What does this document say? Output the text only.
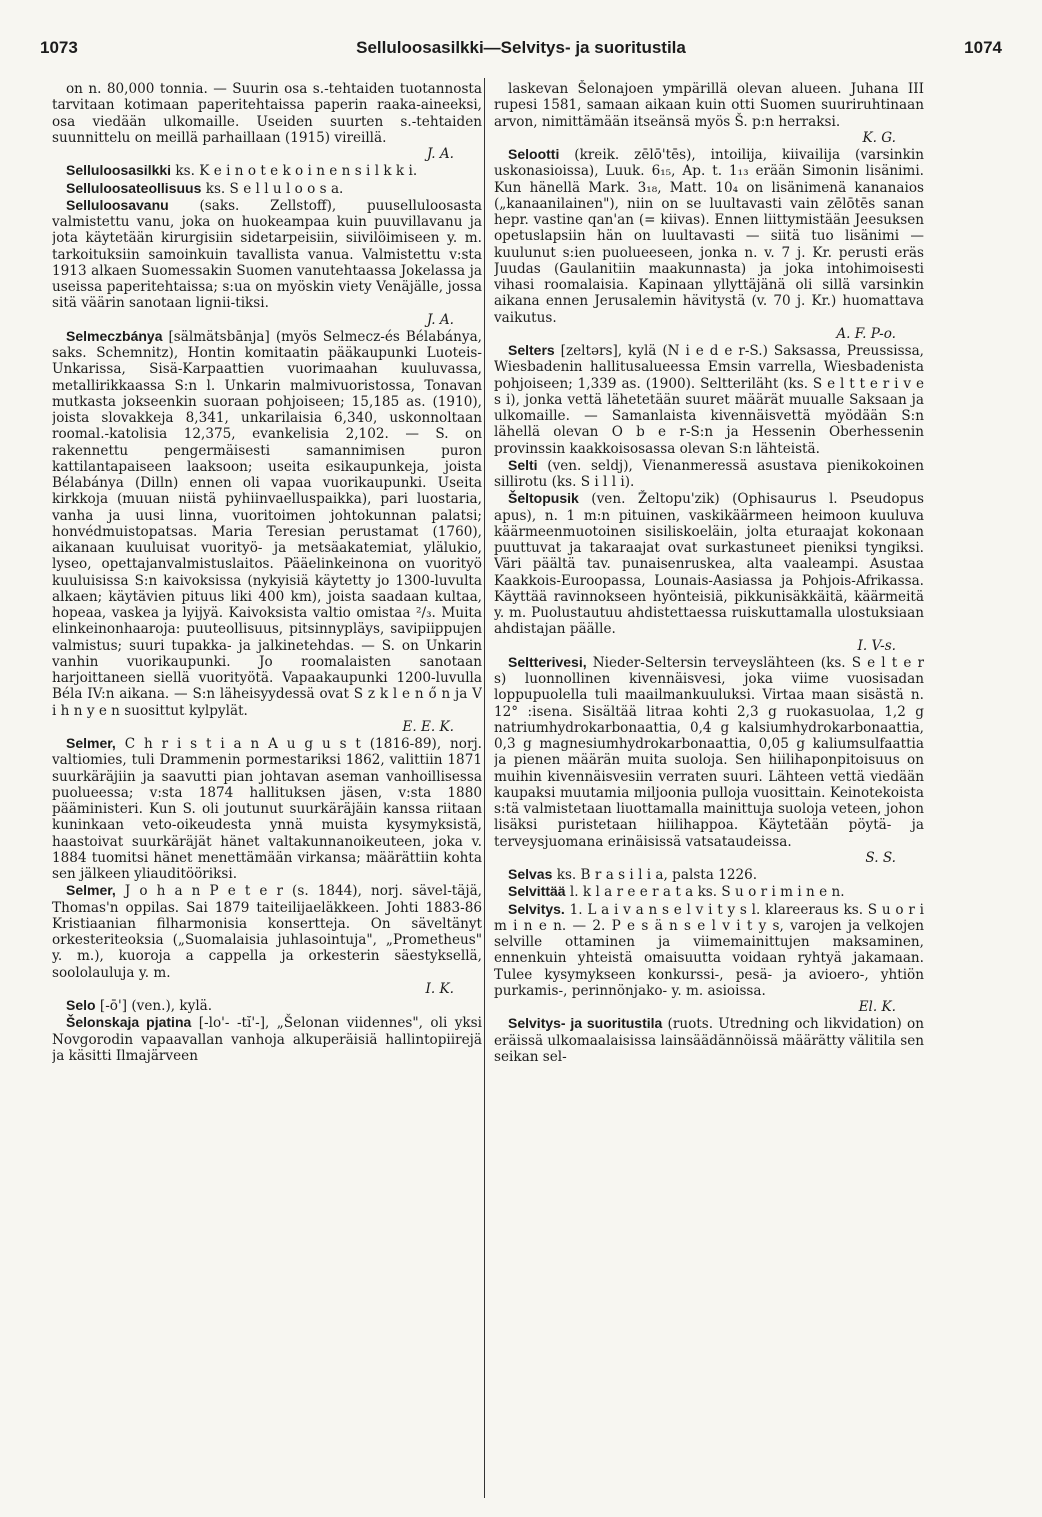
1073	Selluloosasilkki—Selvitys- ja suoritustila	1074

on n. 80,000 tonnia. — Suurin osa s.-tehtaiden tuotannosta tarvitaan kotimaan paperitehtaissa paperin raaka-aineeksi, osa viedään ulkomaille. Useiden suurten s.-tehtaiden suunnittelu on meillä parhaillaan (1915) vireillä.
J. A.

Selluloosasilkki ks. K e i n o t e k o i n e n s i l k k i.

Selluloosateollisuus ks. S e l l u l o o s a.

Selluloosavanu (saks. Zellstoff), puuselluloosasta valmistettu vanu, joka on huokeampaa kuin puuvillavanu ja jota käytetään kirurgisiin sidetarpeisiin, siivilöimiseen y. m. tarkoituksiin samoinkuin tavallista vanua. Valmistettu v:sta 1913 alkaen Suomessakin Suomen vanutehtaassa Jokelassa ja useissa paperitehtaissa; s:ua on myöskin viety Venäjälle, jossa sitä väärin sanotaan lignii-tiksi.
J. A.

Selmeczbánya [sälmätsbānja] (myös Selmecz-és Bélabánya, saks. Schemnitz), Hontin komitaatin pääkaupunki Luoteis-Unkarissa, Sisä-Karpaattien vuorimaahan kuuluvassa, metallirikkaassa S:n l. Unkarin malmivuoristossa, Tonavan mutkasta jokseenkin suoraan pohjoiseen; 15,185 as. (1910), joista slovakkeja 8,341, unkarilaisia 6,340, uskonnoltaan roomal.-katolisia 12,375, evankelisia 2,102. — S. on rakennettu pengermäisesti samannimisen puron kattilantapaiseen laaksoon; useita esikaupunkeja, joista Bélabánya (Dilln) ennen oli vapaa vuorikaupunki. Useita kirkkoja (muuan niistä pyhiinvaelluspaikka), pari luostaria, vanha ja uusi linna, vuoritoimen johtokunnan palatsi; honvédmuistopatsas. Maria Teresian perustamat (1760), aikanaan kuuluisat vuorityö- ja metsäakatemiat, ylälukio, lyseo, opettajanvalmistuslaitos. Pääelinkeinona on vuorityö kuuluisissa S:n kaivoksissa (nykyisiä käytetty jo 1300-luvulta alkaen; käytävien pituus liki 400 km), joista saadaan kultaa, hopeaa, vaskea ja lyijyä. Kaivoksista valtio omistaa ²/₃. Muita elinkeinonhaaroja: puuteollisuus, pitsinnypläys, savipiippujen valmistus; suuri tupakka- ja jalkinetehdas. — S. on Unkarin vanhin vuorikaupunki. Jo roomalaisten sanotaan harjoittaneen siellä vuorityötä. Vapaakaupunki 1200-luvulla Béla IV:n aikana. — S:n läheisyydessä ovat S z k l e n ő n ja V i h n y e n suosittut kylpylät.
E. E. K.

Selmer, C h r i s t i a n A u g u s t (1816-89), norj. valtiomies, tuli Drammenin pormestariksi 1862, valittiin 1871 suurkäräjiin ja saavutti pian johtavan aseman vanhoillisessa puolueessa; v:sta 1874 hallituksen jäsen, v:sta 1880 pääministeri. Kun S. oli joutunut suurkäräjäin kanssa riitaan kuninkaan veto-oikeudesta ynnä muista kysymyksistä, haastoivat suurkäräjät hänet valtakunnanoikeuteen, joka v. 1884 tuomitsi hänet menettämään virkansa; määrättiin kohta sen jälkeen yliauditööriksi.

Selmer, J o h a n P e t e r (s. 1844), norj. sävel-täjä, Thomas'n oppilas. Sai 1879 taiteilijaeläkkeen. Johti 1883-86 Kristiaanian filharmonisia konsertteja. On säveltänyt orkesteriteoksia („Suomalaisia juhlasointuja", „Prometheus" y. m.), kuoroja a cappella ja orkesterin säestyksellä, soololauluja y. m.
I. K.

Selo [-ō'] (ven.), kylä.

Šelonskaja pjatina [-lo'- -tĭ'-], „Šelonan viidennes", oli yksi Novgorodin vapaavallan vanhoja alkuperäisiä hallintopiirejä ja käsitti Ilmajärveen

laskevan Šelonajoen ympärillä olevan alueen. Juhana III rupesi 1581, samaan aikaan kuin otti Suomen suuriruhtinaan arvon, nimittämään itseänsä myös Š. p:n herraksi.
K. G.

Selootti (kreik. zēlō'tēs), intoilija, kiivailija (varsinkin uskonasioissa), Luuk. 6₁₅, Ap. t. 1₁₃ erään Simonin lisänimi. Kun hänellä Mark. 3₁₈, Matt. 10₄ on lisänimenä kananaios („kanaanilainen"), niin on se luultavasti vain zēlōtēs sanan hepr. vastine qan'an (= kiivas). Ennen liittymistään Jeesuksen opetuslapsiin hän on luultavasti — siitä tuo lisänimi — kuulunut s:ien puolueeseen, jonka n. v. 7 j. Kr. perusti eräs Juudas (Gaulanitiin maakunnasta) ja joka intohimoisesti vihasi roomalaisia. Kapinaan yllyttäjänä oli sillä varsinkin aikana ennen Jerusalemin hävitystä (v. 70 j. Kr.) huomattava vaikutus.
A. F. P-o.

Selters [zeltərs], kylä (N i e d e r-S.) Saksassa, Preussissa, Wiesbadenin hallitusalueessa Emsin varrella, Wiesbadenista pohjoiseen; 1,339 as. (1900). Seltteriläht (ks. S e l t t e r i v e s i), jonka vettä lähetetään suuret määrät muualle Saksaan ja ulkomaille. — Samanlaista kivennäisvettä myödään S:n lähellä olevan O b e r-S:n ja Hessenin Oberhessenin provinssin kaakkoisosassa olevan S:n lähteistä.

Selti (ven. seldj), Vienanmeressä asustava pienikokoinen sillirotu (ks. S i l l i).

Šeltopusik (ven. Želtopu'zik) (Ophisaurus l. Pseudopus apus), n. 1 m:n pituinen, vaskikäärmeen heimoon kuuluva käärmeenmuotoinen sisiliskoeläin, jolta eturaajat kokonaan puuttuvat ja takaraajat ovat surkastuneet pieniksi tyngiksi. Väri päältä tav. punaisenruskea, alta vaaleampi. Asustaa Kaakkois-Euroopassa, Lounais-Aasiassa ja Pohjois-Afrikassa. Käyttää ravinnokseen hyönteisiä, pikkunisäkkäitä, käärmeitä y. m. Puolustautuu ahdistettaessa ruiskuttamalla ulostuksiaan ahdistajan päälle.
I. V-s.

Seltterivesi, Nieder-Seltersin terveyslähteen (ks. S e l t e r s) luonnollinen kivennäisvesi, joka viime vuosisadan loppupuolella tuli maailmankuuluksi. Virtaa maan sisästä n. 12° :isena. Sisältää litraa kohti 2,3 g ruokasuolaa, 1,2 g natriumhydrokarbonaattia, 0,4 g kalsiumhydrokarbonaattia, 0,3 g magnesiumhydrokarbonaattia, 0,05 g kaliumsulfaattia ja pienen määrän muita suoloja. Sen hiilihaponpitoisuus on muihin kivennäisvesiin verraten suuri. Lähteen vettä viedään kaupaksi muutamia miljoonia pulloja vuosittain. Keinotekoista s:tä valmistetaan liuottamalla mainittuja suoloja veteen, johon lisäksi puristetaan hiilihappoa. Käytetään pöytä- ja terveysjuomana erinäisissä vatsataudeissa.
S. S.

Selvas ks. B r a s i l i a, palsta 1226.

Selvittää l. k l a r e e r a t a ks. S u o r i m i n e n.

Selvitys. 1. L a i v a n s e l v i t y s l. klareeraus ks. S u o r i m i n e n. — 2. P e s ä n s e l v i t y s, varojen ja velkojen selville ottaminen ja viimemainittujen maksaminen, ennenkuin yhteistä omaisuutta voidaan ryhtyä jakamaan. Tulee kysymykseen konkurssi-, pesä- ja avioero-, yhtiön purkamis-, perinnönjako- y. m. asioissa.
El. K.

Selvitys- ja suoritustila (ruots. Utredning och likvidation) on eräissä ulkomaalaisissa lainsäädännöissä määrätty välitila sen seikan sel-
